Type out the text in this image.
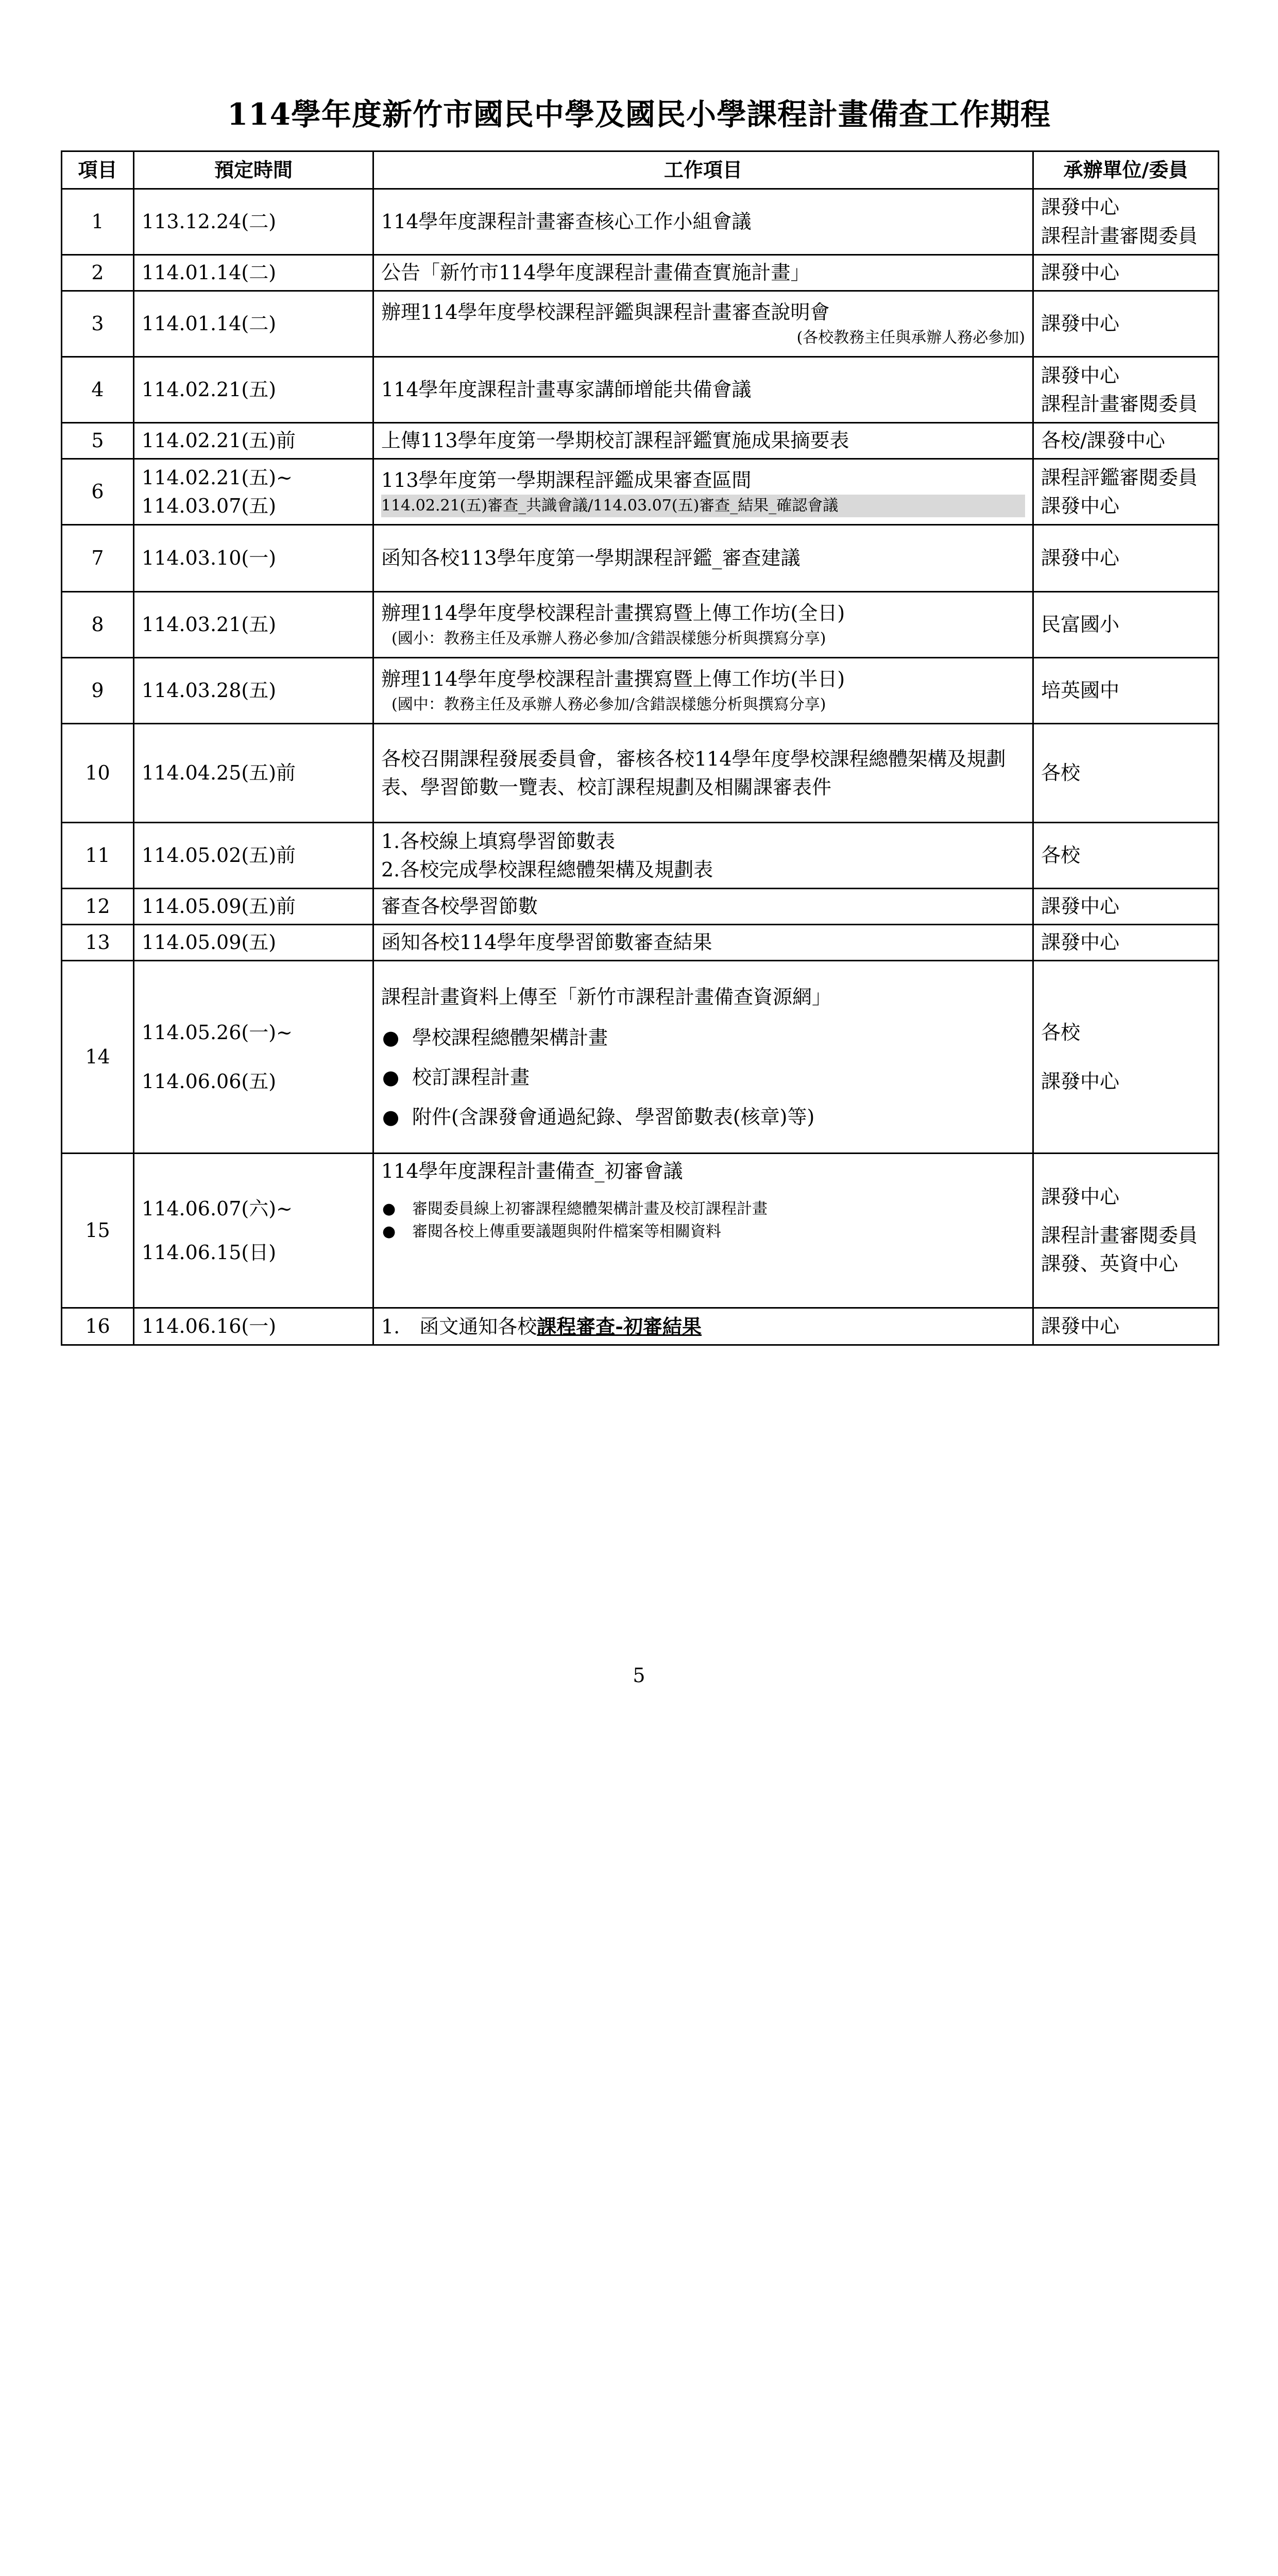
114學年度新竹市國民中學及國民小學課程計畫備查工作期程
項目	預定時間	工作項目	承辦單位/委員
1	113.12.24(二)	114學年度課程計畫審查核心工作小組會議	課發中心
課程計畫審閱委員

2	114.01.14(二)	公告「新竹市114學年度課程計畫備查實施計畫」	課發中心

3	114.01.14(二)	辦理114學年度學校課程評鑑與課程計畫審查說明會
(各校教務主任與承辦人務必參加)	課發中心

4	114.02.21(五)	114學年度課程計畫專家講師增能共備會議	課發中心
課程計畫審閱委員

5	114.02.21(五)前	上傳113學年度第一學期校訂課程評鑑實施成果摘要表	各校/課發中心

6	114.02.21(五)~
114.03.07(五)	113學年度第一學期課程評鑑成果審查區間
114.02.21(五)審查_共識會議/114.03.07(五)審查_結果_確認會議	課程評鑑審閱委員
課發中心

7	114.03.10(一)	函知各校113學年度第一學期課程評鑑_審查建議	課發中心

8	114.03.21(五)	辦理114學年度學校課程計畫撰寫暨上傳工作坊(全日)
(國小：教務主任及承辦人務必參加/含錯誤樣態分析與撰寫分享)	民富國小

9	114.03.28(五)	辦理114學年度學校課程計畫撰寫暨上傳工作坊(半日)
(國中：教務主任及承辦人務必參加/含錯誤樣態分析與撰寫分享)	培英國中

10	114.04.25(五)前	各校召開課程發展委員會，審核各校114學年度學校課程總體架構及規劃表、學習節數一覽表、校訂課程規劃及相關課審表件	各校

11	114.05.02(五)前	1.各校線上填寫學習節數表
2.各校完成學校課程總體架構及規劃表	各校

12	114.05.09(五)前	審查各校學習節數	課發中心

13	114.05.09(五)	函知各校114學年度學習節數審查結果	課發中心

14	114.05.26(一)~
114.06.06(五)	課程計畫資料上傳至「新竹市課程計畫備查資源網」
● 學校課程總體架構計畫
● 校訂課程計畫
● 附件(含課發會通過紀錄、學習節數表(核章)等)	各校
課發中心

15	114.06.07(六)~
114.06.15(日)	114學年度課程計畫備查_初審會議
● 審閱委員線上初審課程總體架構計畫及校訂課程計畫
● 審閱各校上傳重要議題與附件檔案等相關資料	課發中心
課程計畫審閱委員
課發、英資中心

16	114.06.16(一)	1.　函文通知各校課程審查-初審結果	課發中心
5
